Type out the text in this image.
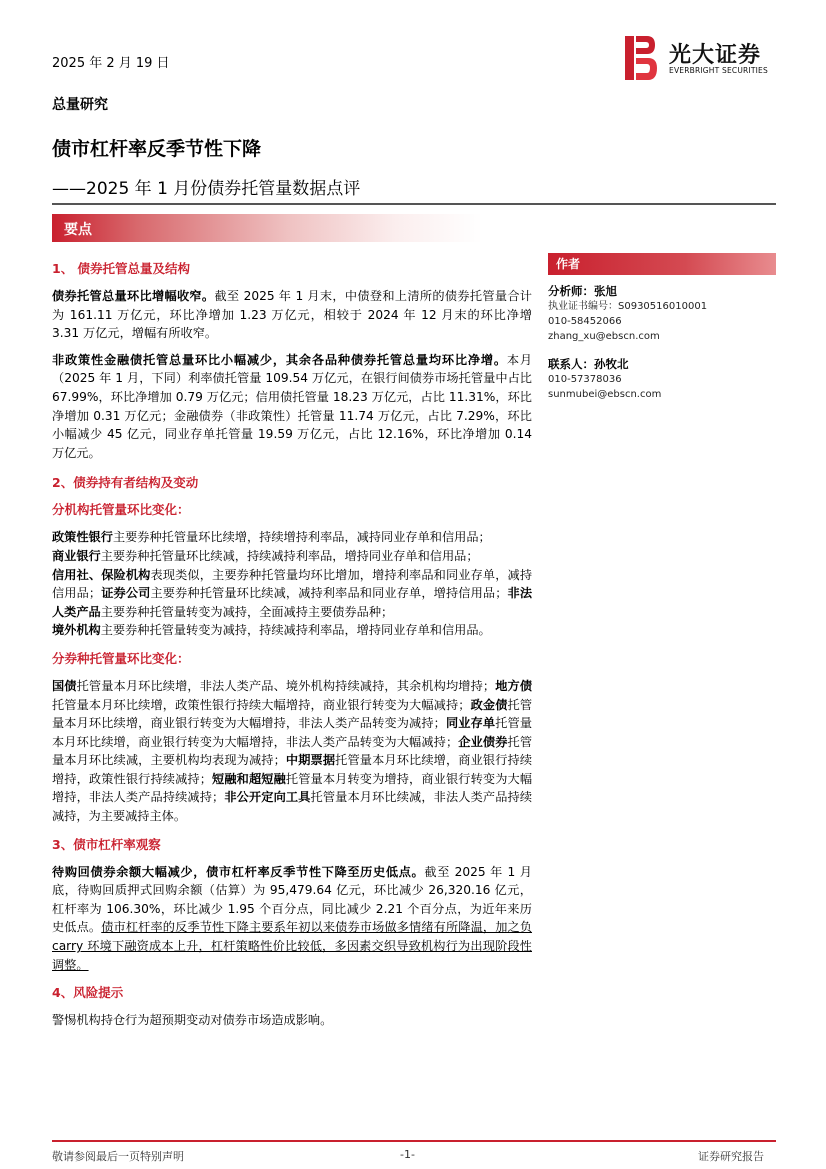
2025 年 2 月 19 日	光大证券
EVERBRIGHT SECURITIES
总量研究
债市杠杆率反季节性下降
——2025 年 1 月份债券托管量数据点评
要点
1、 债券托管总量及结构
债券托管总量环比增幅收窄。截至 2025 年 1 月末，中债登和上清所的债券托管量合计为 161.11 万亿元，环比净增加 1.23 万亿元，相较于 2024 年 12 月末的环比净增 3.31 万亿元，增幅有所收窄。
非政策性金融债托管总量环比小幅减少，其余各品种债券托管总量均环比净增。本月（2025 年 1 月，下同）利率债托管量 109.54 万亿元，在银行间债券市场托管量中占比 67.99%，环比净增加 0.79 万亿元；信用债托管量 18.23 万亿元，占比 11.31%，环比净增加 0.31 万亿元；金融债券（非政策性）托管量 11.74 万亿元，占比 7.29%，环比小幅减少 45 亿元，同业存单托管量 19.59 万亿元，占比 12.16%，环比净增加 0.14 万亿元。
2、债券持有者结构及变动
分机构托管量环比变化：
政策性银行主要券种托管量环比续增，持续增持利率品，减持同业存单和信用品；
商业银行主要券种托管量环比续减，持续减持利率品，增持同业存单和信用品；
信用社、保险机构表现类似，主要券种托管量均环比增加，增持利率品和同业存单，减持信用品；证券公司主要券种托管量环比续减，减持利率品和同业存单，增持信用品；非法人类产品主要券种托管量转变为减持，全面减持主要债券品种；
境外机构主要券种托管量转变为减持，持续减持利率品，增持同业存单和信用品。
分券种托管量环比变化：
国债托管量本月环比续增，非法人类产品、境外机构持续减持，其余机构均增持；地方债托管量本月环比续增，政策性银行持续大幅增持，商业银行转变为大幅减持；政金债托管量本月环比续增，商业银行转变为大幅增持，非法人类产品转变为减持；同业存单托管量本月环比续增，商业银行转变为大幅增持，非法人类产品转变为大幅减持；企业债券托管量本月环比续减，主要机构均表现为减持；中期票据托管量本月环比续增，商业银行持续增持，政策性银行持续减持；短融和超短融托管量本月转变为增持，商业银行转变为大幅增持，非法人类产品持续减持；非公开定向工具托管量本月环比续减，非法人类产品持续减持，为主要减持主体。
3、债市杠杆率观察
待购回债券余额大幅减少，债市杠杆率反季节性下降至历史低点。截至 2025 年 1 月底，待购回质押式回购余额（估算）为 95,479.64 亿元，环比减少 26,320.16 亿元，杠杆率为 106.30%，环比减少 1.95 个百分点，同比减少 2.21 个百分点，为近年来历史低点。债市杠杆率的反季节性下降主要系年初以来债券市场做多情绪有所降温，加之负 carry 环境下融资成本上升，杠杆策略性价比较低，多因素交织导致机构行为出现阶段性调整。
4、风险提示
警惕机构持仓行为超预期变动对债券市场造成影响。
作者
分析师：张旭
执业证书编号：S0930516010001
010-58452066
zhang_xu@ebscn.com
联系人：孙牧北
010-57378036
sunmubei@ebscn.com
敬请参阅最后一页特别声明	-1-	证券研究报告
